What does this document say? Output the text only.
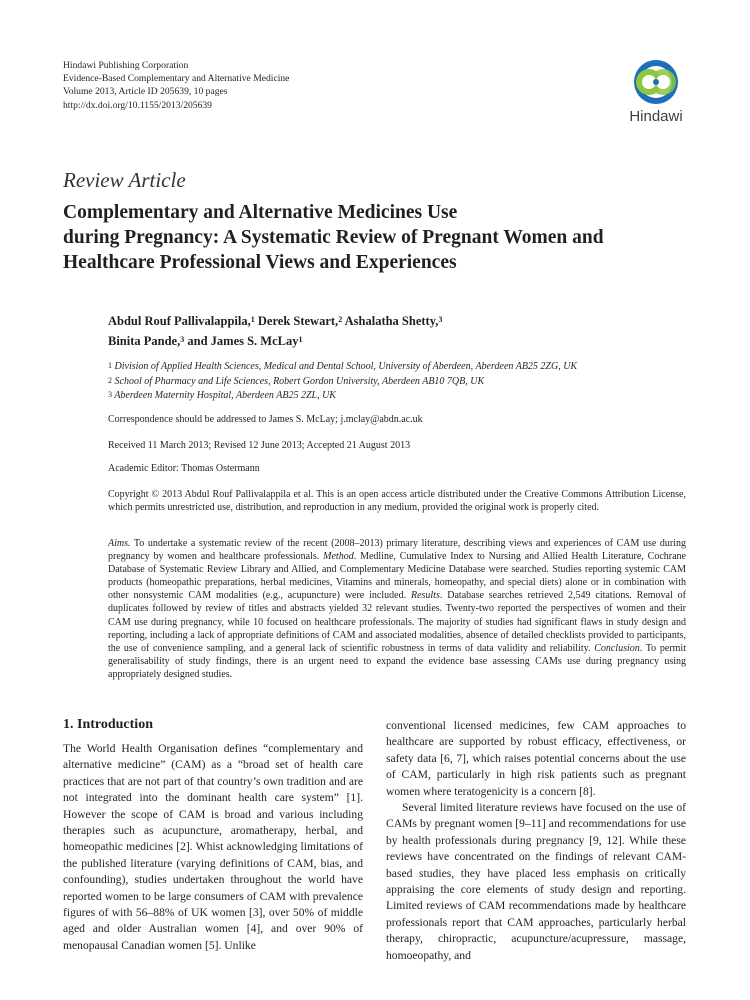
Hindawi Publishing Corporation
Evidence-Based Complementary and Alternative Medicine
Volume 2013, Article ID 205639, 10 pages
http://dx.doi.org/10.1155/2013/205639
Hindawi
Review Article
Complementary and Alternative Medicines Use
during Pregnancy: A Systematic Review of Pregnant Women and
Healthcare Professional Views and Experiences
Abdul Rouf Pallivalappila,$^1$ Derek Stewart,$^2$ Ashalatha Shetty,$^3$
Binita Pande,$^3$ and James S. McLay$^1$
$^1$ Division of Applied Health Sciences, Medical and Dental School, University of Aberdeen, Aberdeen AB25 2ZG, UK
$^2$ School of Pharmacy and Life Sciences, Robert Gordon University, Aberdeen AB10 7QB, UK
$^3$ Aberdeen Maternity Hospital, Aberdeen AB25 2ZL, UK
Correspondence should be addressed to James S. McLay; j.mclay@abdn.ac.uk
Received 11 March 2013; Revised 12 June 2013; Accepted 21 August 2013
Academic Editor: Thomas Ostermann
Copyright © 2013 Abdul Rouf Pallivalappila et al. This is an open access article distributed under the Creative Commons Attribution License, which permits unrestricted use, distribution, and reproduction in any medium, provided the original work is properly cited.
Aims. To undertake a systematic review of the recent (2008–2013) primary literature, describing views and experiences of CAM use during pregnancy by women and healthcare professionals. Method. Medline, Cumulative Index to Nursing and Allied Health Literature, Cochrane Database of Systematic Review Library and Allied, and Complementary Medicine Database were searched. Studies reporting systemic CAM products (homeopathic preparations, herbal medicines, Vitamins and minerals, homeopathy, and special diets) alone or in combination with other nonsystemic CAM modalities (e.g., acupuncture) were included. Results. Database searches retrieved 2,549 citations. Removal of duplicates followed by review of titles and abstracts yielded 32 relevant studies. Twenty-two reported the perspectives of women and their CAM use during pregnancy, while 10 focused on healthcare professionals. The majority of studies had significant flaws in study design and reporting, including a lack of appropriate definitions of CAM and associated modalities, absence of detailed checklists provided to participants, the use of convenience sampling, and a general lack of scientific robustness in terms of data validity and reliability. Conclusion. To permit generalisability of study findings, there is an urgent need to expand the evidence base assessing CAMs use during pregnancy using appropriately designed studies.

1. Introduction

The World Health Organisation defines “complementary and alternative medicine” (CAM) as a “broad set of health care practices that are not part of that country’s own tradition and are not integrated into the dominant health care system” [1]. However the scope of CAM is broad and various including therapies such as acupuncture, aromatherapy, herbal, and homeopathic medicines [2]. Whist acknowledging limitations of the published literature (varying definitions of CAM, bias, and confounding), studies undertaken throughout the world have reported women to be large consumers of CAM with prevalence figures of with 56–88% of UK women [3], over 50% of middle aged and older Australian women [4], and over 90% of menopausal Canadian women [5]. Unlike

conventional licensed medicines, few CAM approaches to healthcare are supported by robust efficacy, effectiveness, or safety data [6, 7], which raises potential concerns about the use of CAM, particularly in high risk patients such as pregnant women where teratogenicity is a concern [8].

Several limited literature reviews have focused on the use of CAMs by pregnant women [9–11] and recommendations for use by health professionals during pregnancy [9, 12]. While these reviews have concentrated on the findings of relevant CAM-based studies, they have placed less emphasis on critically appraising the core elements of study design and reporting. Limited reviews of CAM recommendations made by healthcare professionals report that CAM approaches, particularly herbal therapy, chiropractic, acupuncture/acupressure, massage, homoeopathy, and
